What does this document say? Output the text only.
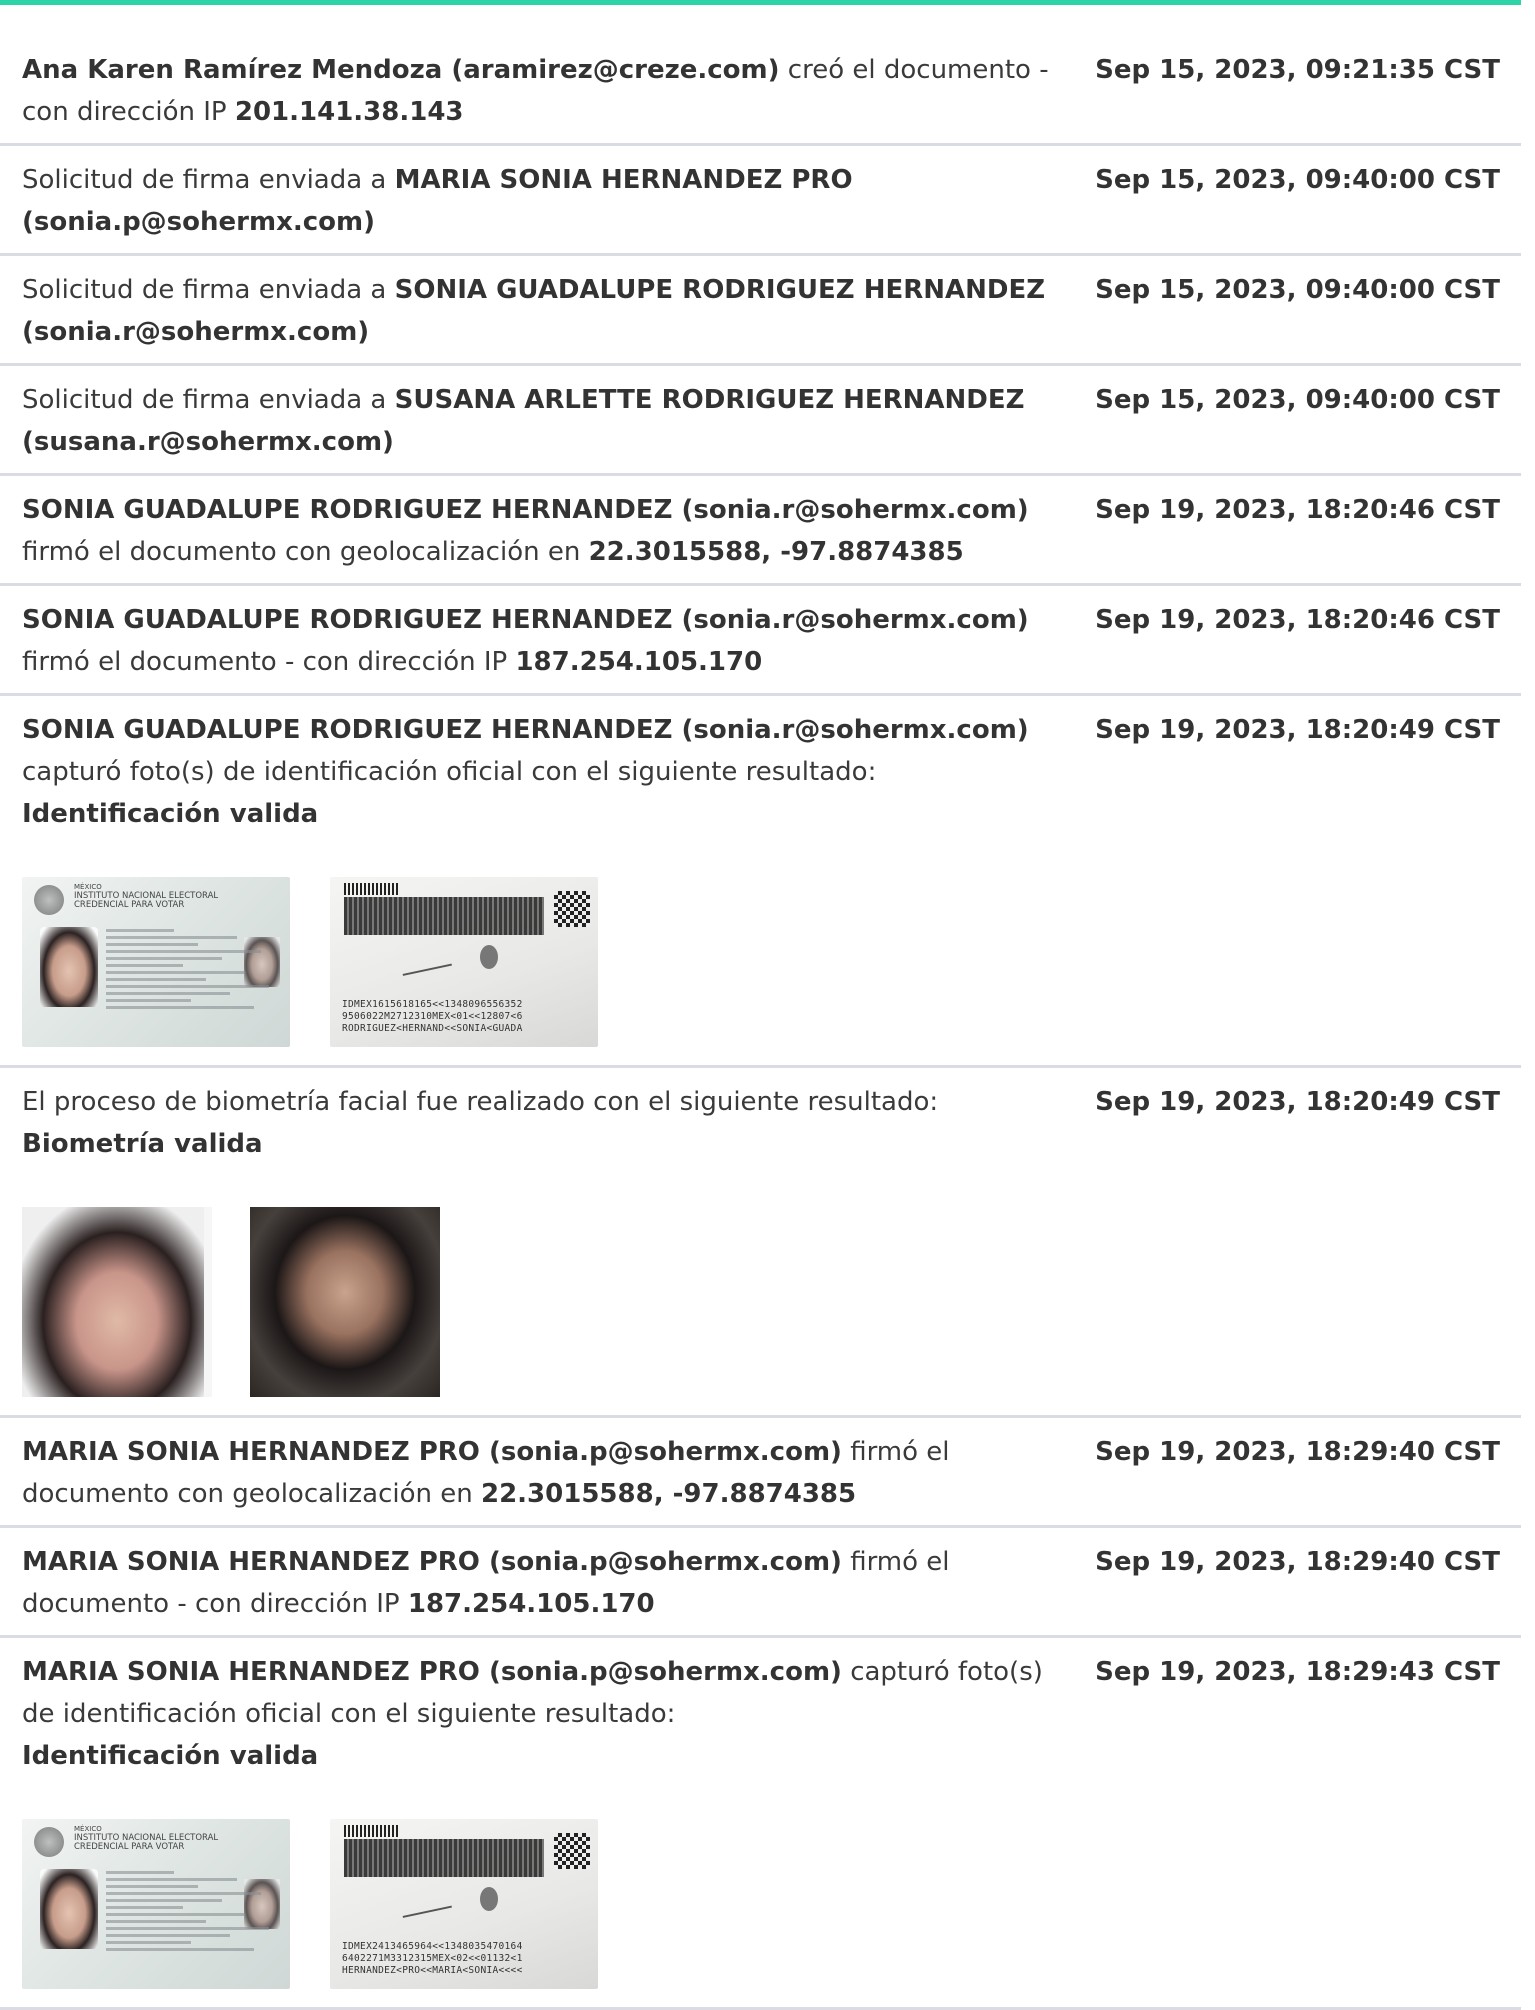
Ana Karen Ramírez Mendoza (aramirez@creze.com) creó el documento - con dirección IP 201.141.38.143
Sep 15, 2023, 09:21:35 CST
Solicitud de firma enviada a MARIA SONIA HERNANDEZ PRO (sonia.p@sohermx.com)
Sep 15, 2023, 09:40:00 CST
Solicitud de firma enviada a SONIA GUADALUPE RODRIGUEZ HERNANDEZ (sonia.r@sohermx.com)
Sep 15, 2023, 09:40:00 CST
Solicitud de firma enviada a SUSANA ARLETTE RODRIGUEZ HERNANDEZ (susana.r@sohermx.com)
Sep 15, 2023, 09:40:00 CST
SONIA GUADALUPE RODRIGUEZ HERNANDEZ (sonia.r@sohermx.com) firmó el documento con geolocalización en 22.3015588, -97.8874385
Sep 19, 2023, 18:20:46 CST
SONIA GUADALUPE RODRIGUEZ HERNANDEZ (sonia.r@sohermx.com) firmó el documento - con dirección IP 187.254.105.170
Sep 19, 2023, 18:20:46 CST
SONIA GUADALUPE RODRIGUEZ HERNANDEZ (sonia.r@sohermx.com) capturó foto(s) de identificación oficial con el siguiente resultado:
Identificación valida
Sep 19, 2023, 18:20:49 CST
MÉXICO
INSTITUTO NACIONAL ELECTORAL
CREDENCIAL PARA VOTAR
IDMEX1615618165<<1348096556352
9506022M2712310MEX<01<<12807<6
RODRIGUEZ<HERNAND<<SONIA<GUADA
El proceso de biometría facial fue realizado con el siguiente resultado:
Biometría valida
Sep 19, 2023, 18:20:49 CST
MARIA SONIA HERNANDEZ PRO (sonia.p@sohermx.com) firmó el documento con geolocalización en 22.3015588, -97.8874385
Sep 19, 2023, 18:29:40 CST
MARIA SONIA HERNANDEZ PRO (sonia.p@sohermx.com) firmó el documento - con dirección IP 187.254.105.170
Sep 19, 2023, 18:29:40 CST
MARIA SONIA HERNANDEZ PRO (sonia.p@sohermx.com) capturó foto(s) de identificación oficial con el siguiente resultado:
Identificación valida
Sep 19, 2023, 18:29:43 CST
MÉXICO
INSTITUTO NACIONAL ELECTORAL
CREDENCIAL PARA VOTAR
IDMEX2413465964<<1348035470164
6402271M3312315MEX<02<<01132<1
HERNANDEZ<PRO<<MARIA<SONIA<<<<
